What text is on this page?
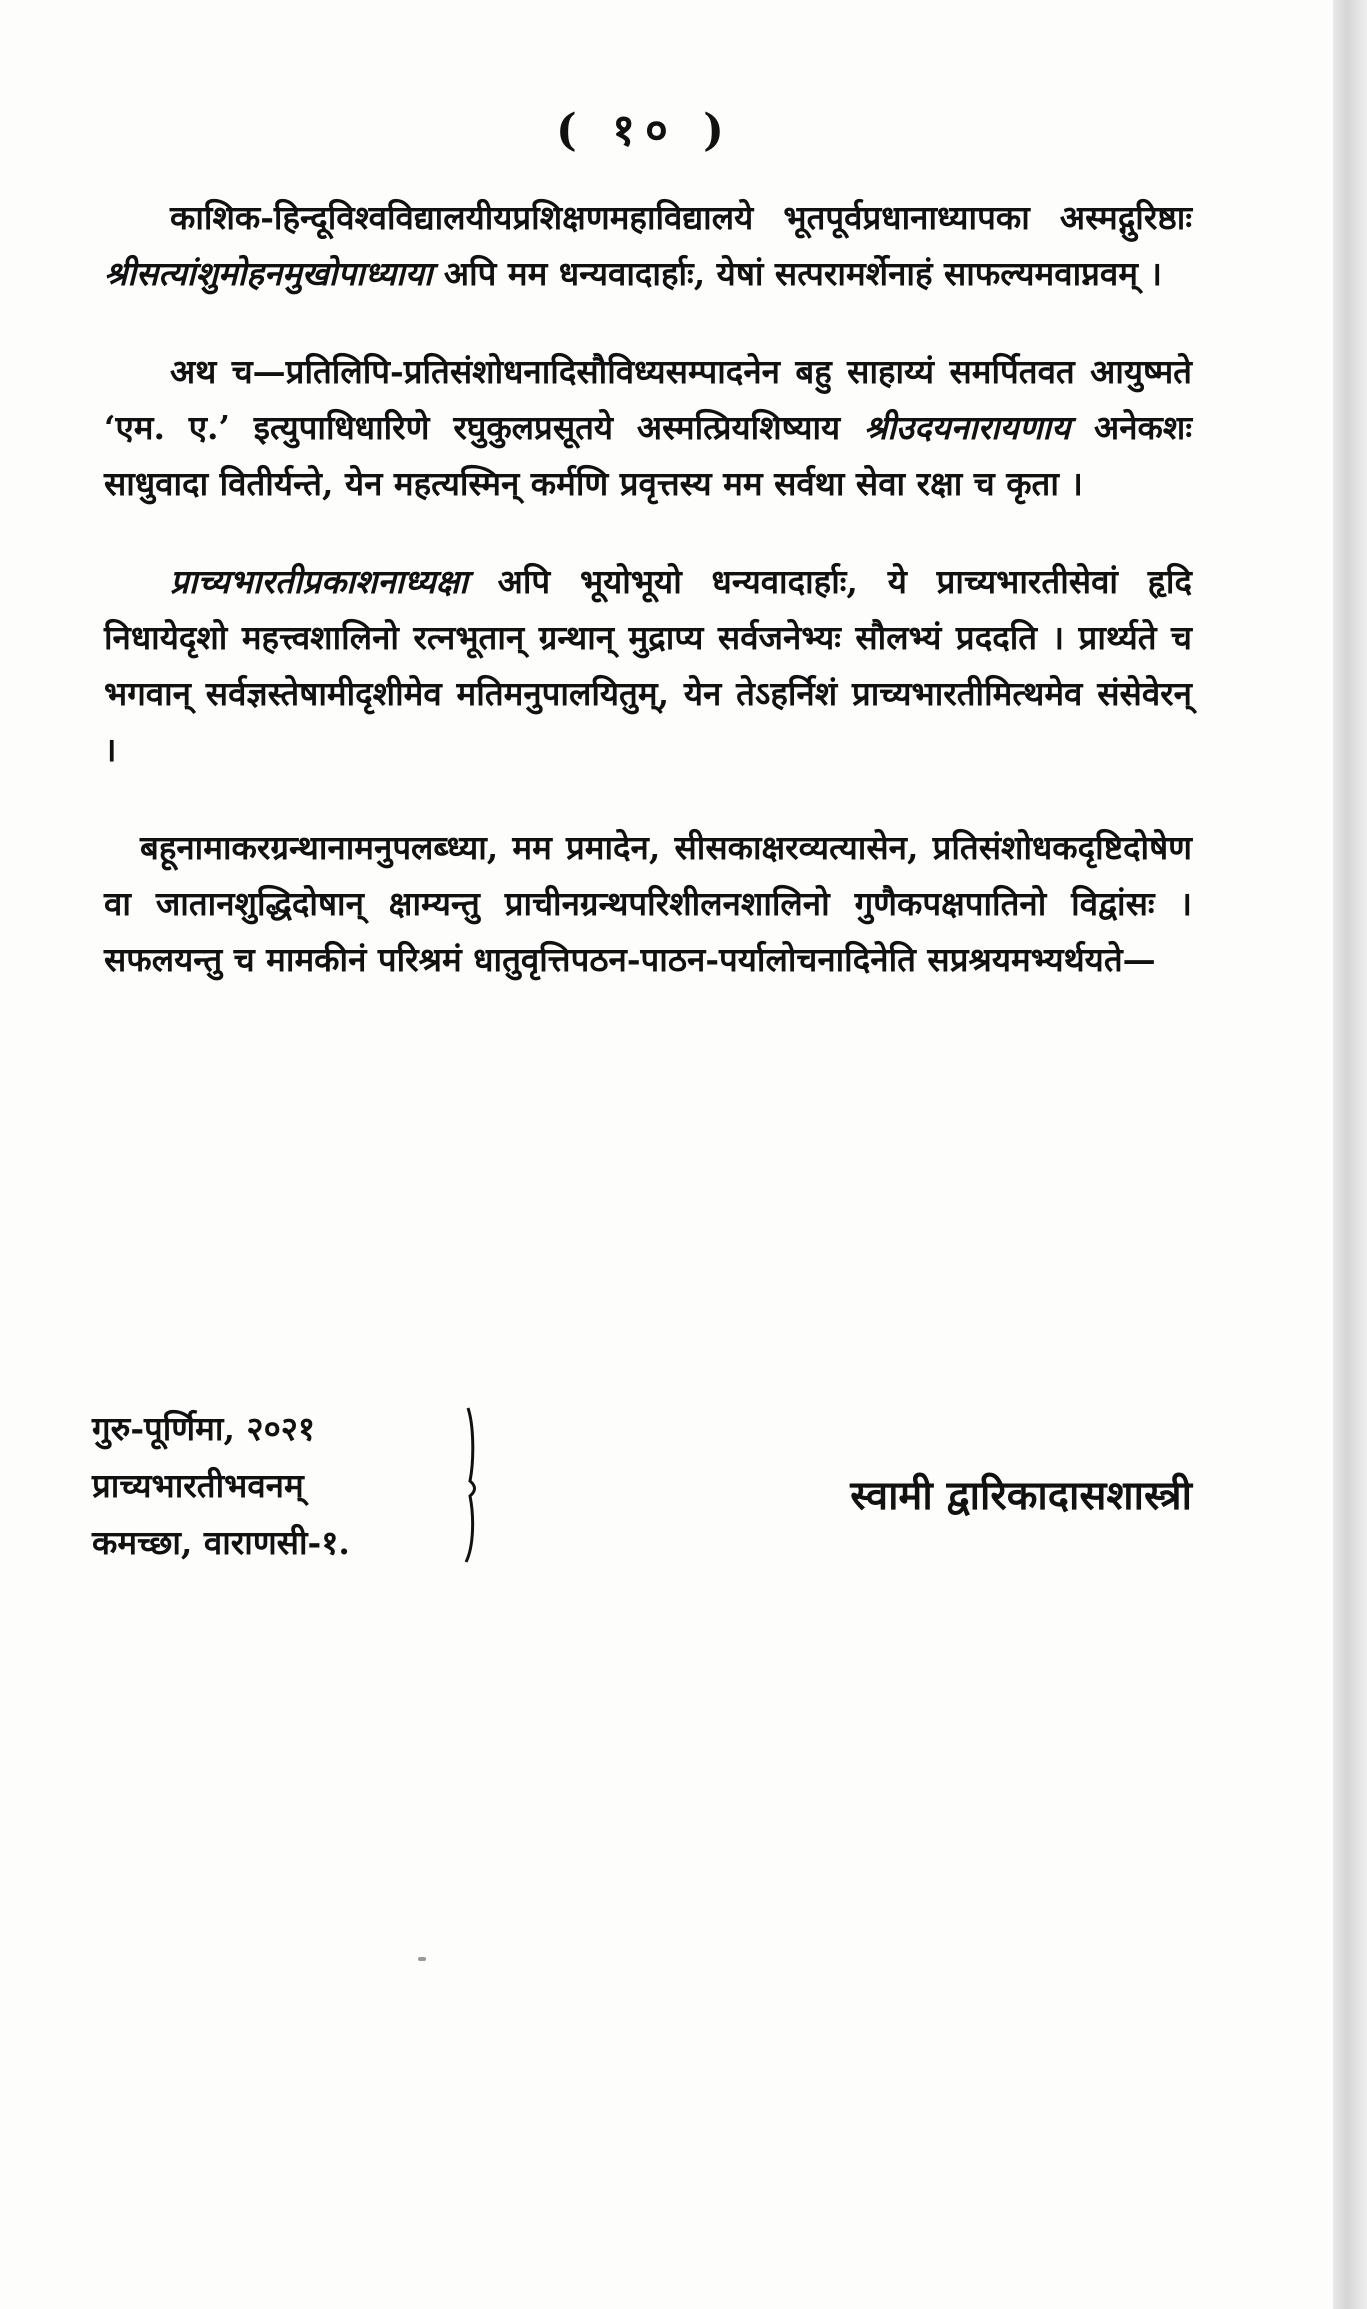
( १० )

काशिक-हिन्दूविश्वविद्यालयीयप्रशिक्षणमहाविद्यालये भूतपूर्वप्रधानाध्यापका अस्मद्गुरिष्ठाः श्रीसत्यांशुमोहनमुखोपाध्याया अपि मम धन्यवादार्हाः, येषां सत्परामर्शेनाहं साफल्यमवाप्नवम् ।

अथ च—प्रतिलिपि-प्रतिसंशोधनादिसौविध्यसम्पादनेन बहु साहाय्यं समर्पितवत आयुष्मते ‘एम. ए.’ इत्युपाधिधारिणे रघुकुलप्रसूतये अस्मत्प्रियशिष्याय श्रीउदयनारायणाय अनेकशः साधुवादा वितीर्यन्ते, येन महत्यस्मिन् कर्मणि प्रवृत्तस्य मम सर्वथा सेवा रक्षा च कृता ।

प्राच्यभारतीप्रकाशनाध्यक्षा अपि भूयोभूयो धन्यवादार्हाः, ये प्राच्यभारतीसेवां हृदि निधायेदृशो महत्त्वशालिनो रत्नभूतान् ग्रन्थान् मुद्राप्य सर्वजनेभ्यः सौलभ्यं प्रददति । प्रार्थ्यते च भगवान् सर्वज्ञस्तेषामीदृशीमेव मतिमनुपालयितुम्, येन तेऽहर्निशं प्राच्यभारतीमित्थमेव संसेवेरन् ।

बहूनामाकरग्रन्थानामनुपलब्ध्या, मम प्रमादेन, सीसकाक्षरव्यत्यासेन, प्रतिसंशोधकदृष्टिदोषेण वा जातानशुद्धिदोषान् क्षाम्यन्तु प्राचीनग्रन्थपरिशीलनशालिनो गुणैकपक्षपातिनो विद्वांसः । सफलयन्तु च मामकीनं परिश्रमं धातुवृत्तिपठन-पाठन-पर्यालोचनादिनेति सप्रश्रयमभ्यर्थयते—

गुरु-पूर्णिमा, २०२१
प्राच्यभारतीभवनम्
कमच्छा, वाराणसी-१.
स्वामी द्वारिकादासशास्त्री
